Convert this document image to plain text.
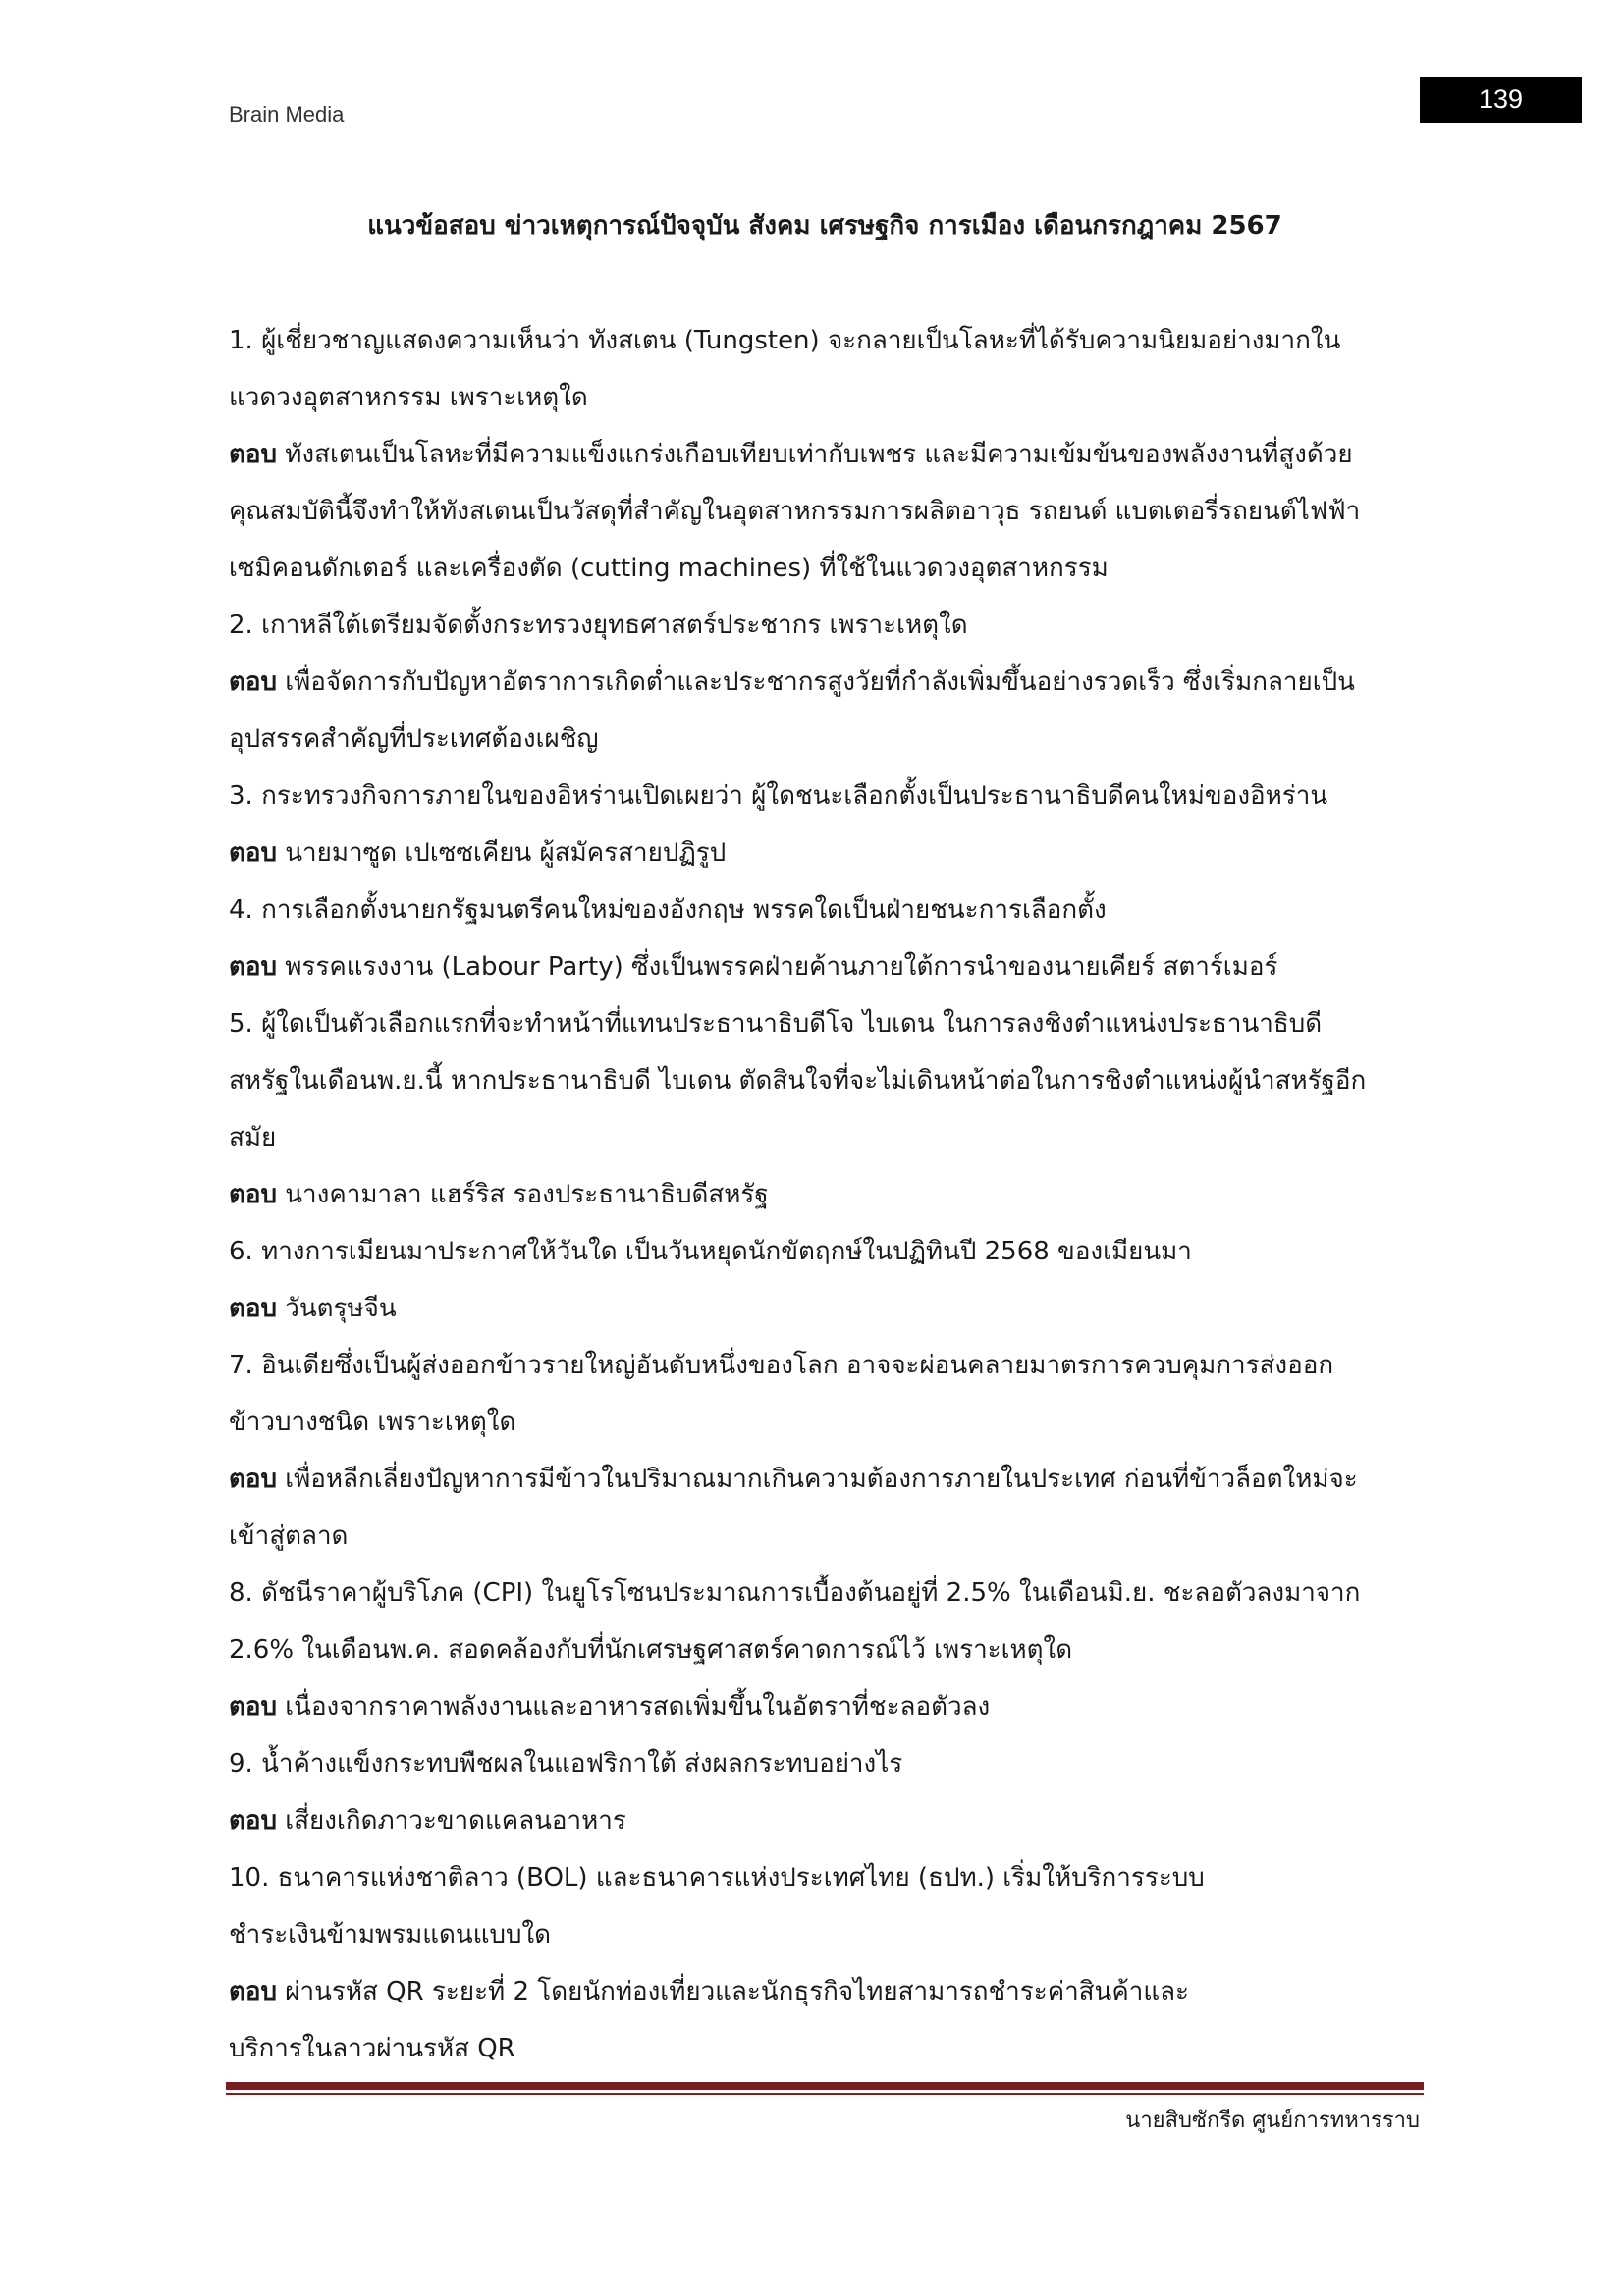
Brain Media
139
แนวข้อสอบ ข่าวเหตุการณ์ปัจจุบัน สังคม เศรษฐกิจ การเมือง เดือนกรกฎาคม 2567
1. ผู้เชี่ยวชาญแสดงความเห็นว่า ทังสเตน (Tungsten) จะกลายเป็นโลหะที่ได้รับความนิยมอย่างมากใน
แวดวงอุตสาหกรรม เพราะเหตุใด
ตอบ ทังสเตนเป็นโลหะที่มีความแข็งแกร่งเกือบเทียบเท่ากับเพชร และมีความเข้มข้นของพลังงานที่สูงด้วย
คุณสมบัตินี้จึงทำให้ทังสเตนเป็นวัสดุที่สำคัญในอุตสาหกรรมการผลิตอาวุธ รถยนต์ แบตเตอรี่รถยนต์ไฟฟ้า
เซมิคอนดักเตอร์ และเครื่องตัด (cutting machines) ที่ใช้ในแวดวงอุตสาหกรรม
2. เกาหลีใต้เตรียมจัดตั้งกระทรวงยุทธศาสตร์ประชากร เพราะเหตุใด
ตอบ เพื่อจัดการกับปัญหาอัตราการเกิดต่ำและประชากรสูงวัยที่กำลังเพิ่มขึ้นอย่างรวดเร็ว ซึ่งเริ่มกลายเป็น
อุปสรรคสำคัญที่ประเทศต้องเผชิญ
3. กระทรวงกิจการภายในของอิหร่านเปิดเผยว่า ผู้ใดชนะเลือกตั้งเป็นประธานาธิบดีคนใหม่ของอิหร่าน
ตอบ นายมาซูด เปเซซเคียน ผู้สมัครสายปฏิรูป
4. การเลือกตั้งนายกรัฐมนตรีคนใหม่ของอังกฤษ พรรคใดเป็นฝ่ายชนะการเลือกตั้ง
ตอบ พรรคแรงงาน (Labour Party) ซึ่งเป็นพรรคฝ่ายค้านภายใต้การนำของนายเคียร์ สตาร์เมอร์
5. ผู้ใดเป็นตัวเลือกแรกที่จะทำหน้าที่แทนประธานาธิบดีโจ ไบเดน ในการลงชิงตำแหน่งประธานาธิบดี
สหรัฐในเดือนพ.ย.นี้ หากประธานาธิบดี ไบเดน ตัดสินใจที่จะไม่เดินหน้าต่อในการชิงตำแหน่งผู้นำสหรัฐอีก
สมัย
ตอบ นางคามาลา แฮร์ริส รองประธานาธิบดีสหรัฐ
6. ทางการเมียนมาประกาศให้วันใด เป็นวันหยุดนักขัตฤกษ์ในปฏิทินปี 2568 ของเมียนมา
ตอบ วันตรุษจีน
7. อินเดียซึ่งเป็นผู้ส่งออกข้าวรายใหญ่อันดับหนึ่งของโลก อาจจะผ่อนคลายมาตรการควบคุมการส่งออก
ข้าวบางชนิด เพราะเหตุใด
ตอบ เพื่อหลีกเลี่ยงปัญหาการมีข้าวในปริมาณมากเกินความต้องการภายในประเทศ ก่อนที่ข้าวล็อตใหม่จะ
เข้าสู่ตลาด
8. ดัชนีราคาผู้บริโภค (CPI) ในยูโรโซนประมาณการเบื้องต้นอยู่ที่ 2.5% ในเดือนมิ.ย. ชะลอตัวลงมาจาก
2.6% ในเดือนพ.ค. สอดคล้องกับที่นักเศรษฐศาสตร์คาดการณ์ไว้ เพราะเหตุใด
ตอบ เนื่องจากราคาพลังงานและอาหารสดเพิ่มขึ้นในอัตราที่ชะลอตัวลง
9. น้ำค้างแข็งกระทบพืชผลในแอฟริกาใต้ ส่งผลกระทบอย่างไร
ตอบ เสี่ยงเกิดภาวะขาดแคลนอาหาร
10. ธนาคารแห่งชาติลาว (BOL) และธนาคารแห่งประเทศไทย (ธปท.) เริ่มให้บริการระบบ
ชำระเงินข้ามพรมแดนแบบใด
ตอบ ผ่านรหัส QR ระยะที่ 2 โดยนักท่องเที่ยวและนักธุรกิจไทยสามารถชำระค่าสินค้าและ
บริการในลาวผ่านรหัส QR
นายสิบซักรีด ศูนย์การทหารราบ
